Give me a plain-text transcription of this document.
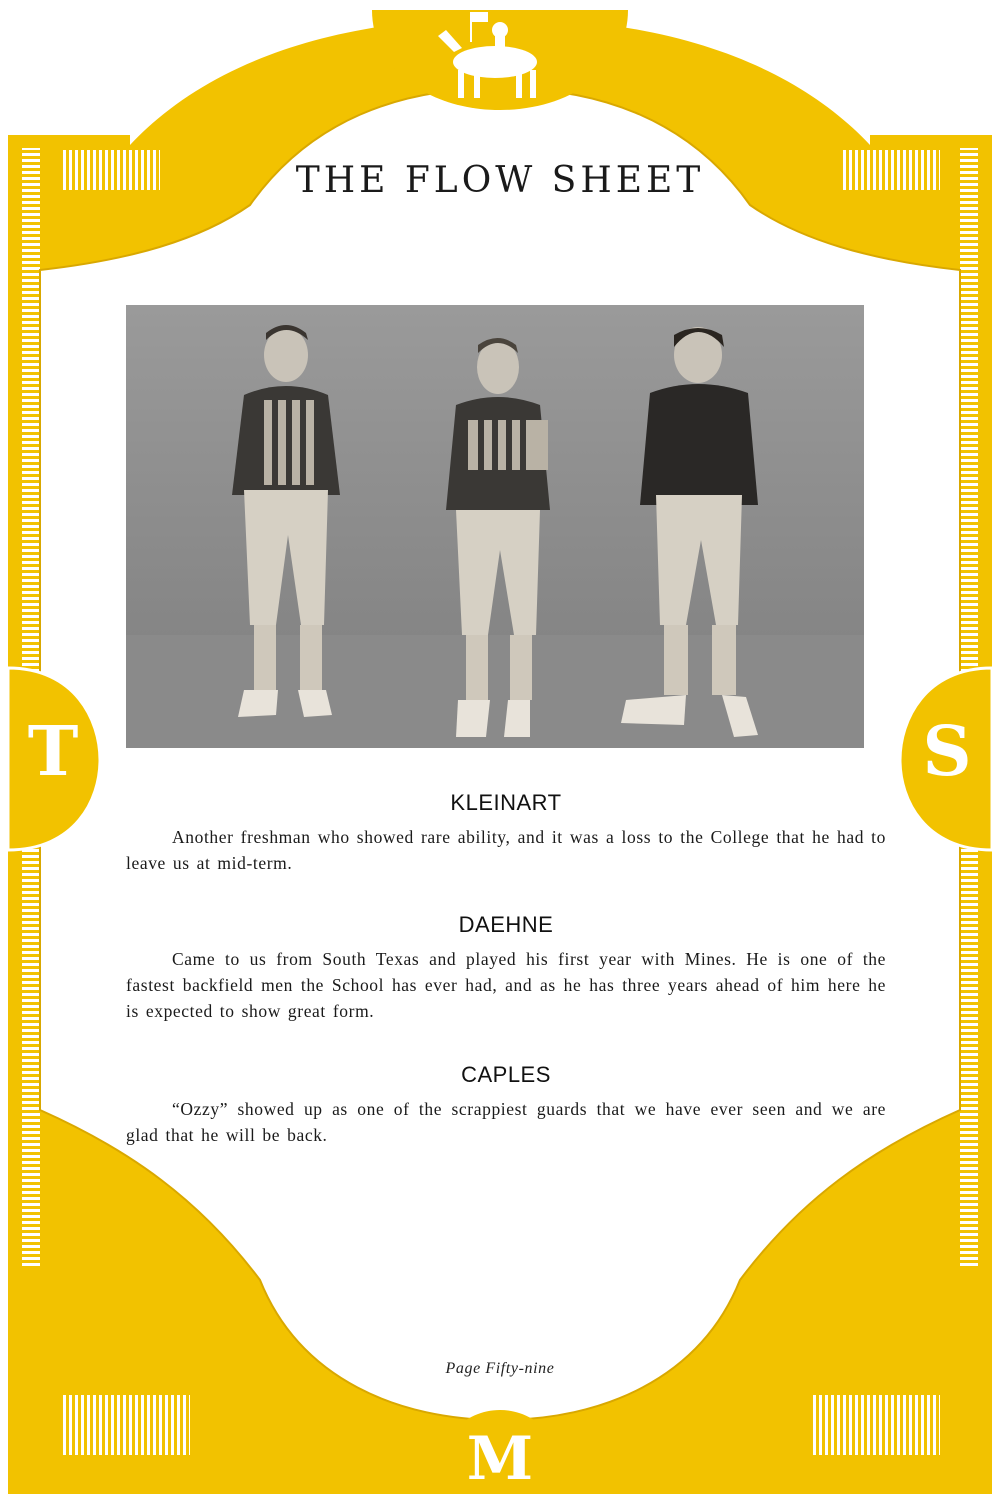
T	S
M
THE FLOW SHEET
KLEINART
Another freshman who showed rare ability, and it was a loss to the College that he had to leave us at mid-term.
DAEHNE
Came to us from South Texas and played his first year with Mines. He is one of the fastest backfield men the School has ever had, and as he has three years ahead of him here he is expected to show great form.
CAPLES
“Ozzy” showed up as one of the scrappiest guards that we have ever seen and we are glad that he will be back.
Page Fifty-nine
